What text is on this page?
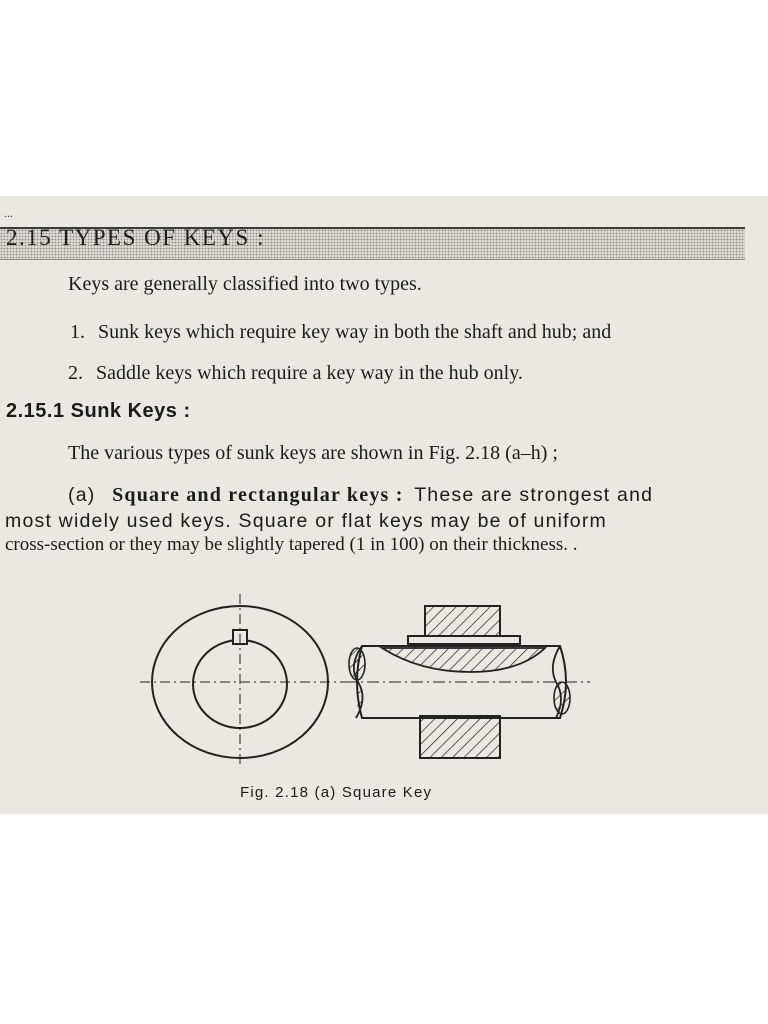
...
2.15 TYPES OF KEYS :
Keys are generally classified into two types.
1. Sunk keys which require key way in both the shaft and hub; and
2. Saddle keys which require a key way in the hub only.
2.15.1 Sunk Keys :
The various types of sunk keys are shown in Fig. 2.18 (a–h) ;
(a) Square and rectangular keys : These are strongest and
most widely used keys. Square or flat keys may be of uniform
cross-section or they may be slightly tapered (1 in 100) on their thickness. .
Fig. 2.18 (a) Square Key
